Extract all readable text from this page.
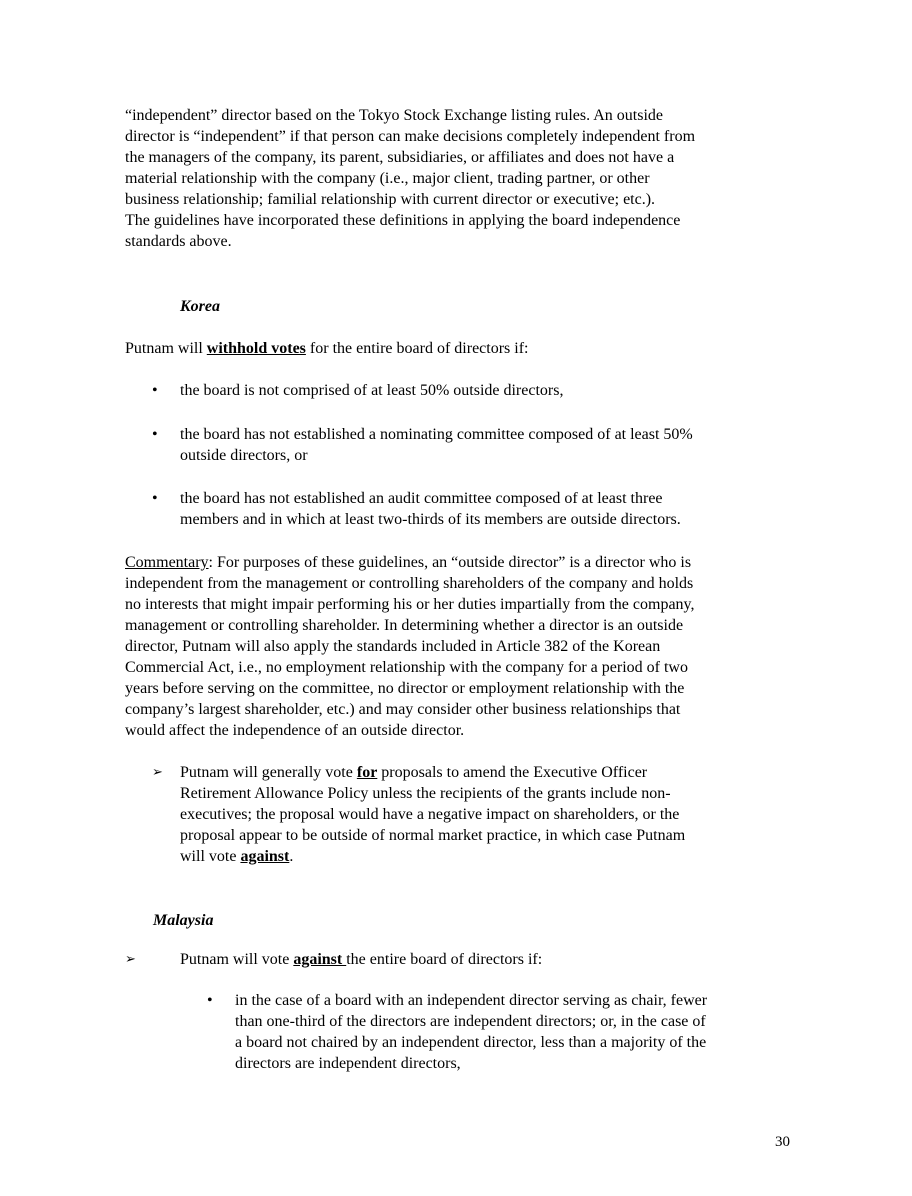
“independent” director based on the Tokyo Stock Exchange listing rules. An outside
director is “independent” if that person can make decisions completely independent from
the managers of the company, its parent, subsidiaries, or affiliates and does not have a
material relationship with the company (i.e., major client, trading partner, or other
business relationship; familial relationship with current director or executive; etc.).
The guidelines have incorporated these definitions in applying the board independence
standards above.

Korea

Putnam will withhold votes for the entire board of directors if:

•	the board is not comprised of at least 50% outside directors,
•	the board has not established a nominating committee composed of at least 50%
outside directors, or
•	the board has not established an audit committee composed of at least three
members and in which at least two-thirds of its members are outside directors.

Commentary: For purposes of these guidelines, an “outside director” is a director who is
independent from the management or controlling shareholders of the company and holds
no interests that might impair performing his or her duties impartially from the company,
management or controlling shareholder. In determining whether a director is an outside
director, Putnam will also apply the standards included in Article 382 of the Korean
Commercial Act, i.e., no employment relationship with the company for a period of two
years before serving on the committee, no director or employment relationship with the
company’s largest shareholder, etc.) and may consider other business relationships that
would affect the independence of an outside director.

➢ Putnam will generally vote for proposals to amend the Executive Officer
Retirement Allowance Policy unless the recipients of the grants include non-
executives; the proposal would have a negative impact on shareholders, or the
proposal appear to be outside of normal market practice, in which case Putnam
will vote against.

Malaysia

➢	Putnam will vote against the entire board of directors if:
•	in the case of a board with an independent director serving as chair, fewer
than one-third of the directors are independent directors; or, in the case of
a board not chaired by an independent director, less than a majority of the
directors are independent directors,
30
